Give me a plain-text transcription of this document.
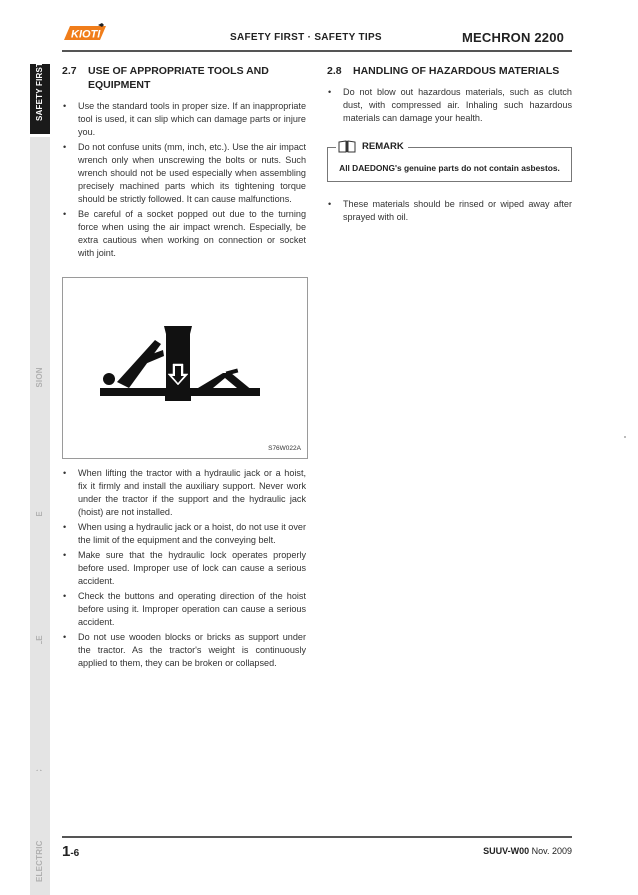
KIOTI	SAFETY FIRST · SAFETY TIPS	MECHRON 2200
SAFETY FIRST
ELECTRIC
2.7	USE OF APPROPRIATE TOOLS AND EQUIPMENT
• Use the standard tools in proper size. If an inappropriate tool is used, it can slip which can damage parts or injure you.
• Do not confuse units (mm, inch, etc.). Use the air impact wrench only when unscrewing the bolts or nuts. Such wrench should not be used especially when assembling precisely machined parts which its tightening torque should be strictly followed. It can cause malfunctions.
• Be careful of a socket popped out due to the turning force when using the air impact wrench. Especially, be extra cautious when working on connection or socket with joint.
S76W022A
• When lifting the tractor with a hydraulic jack or a hoist, fix it firmly and install the auxiliary support. Never work under the tractor if the support and the hydraulic jack (hoist) are not installed.
• When using a hydraulic jack or a hoist, do not use it over the limit of the equipment and the conveying belt.
• Make sure that the hydraulic lock operates properly before used. Improper use of lock can cause a serious accident.
• Check the buttons and operating direction of the hoist before using it. Improper operation can cause a serious accident.
• Do not use wooden blocks or bricks as support under the tractor. As the tractor's weight is continuously applied to them, they can be broken or collapsed.
2.8	HANDLING OF HAZARDOUS MATERIALS
• Do not blow out hazardous materials, such as clutch dust, with compressed air. Inhaling such hazardous materials can damage your health.
REMARK
All DAEDONG's genuine parts do not contain asbestos.
• These materials should be rinsed or wiped away after sprayed with oil.
1-6	SUUV-W00 Nov. 2009
